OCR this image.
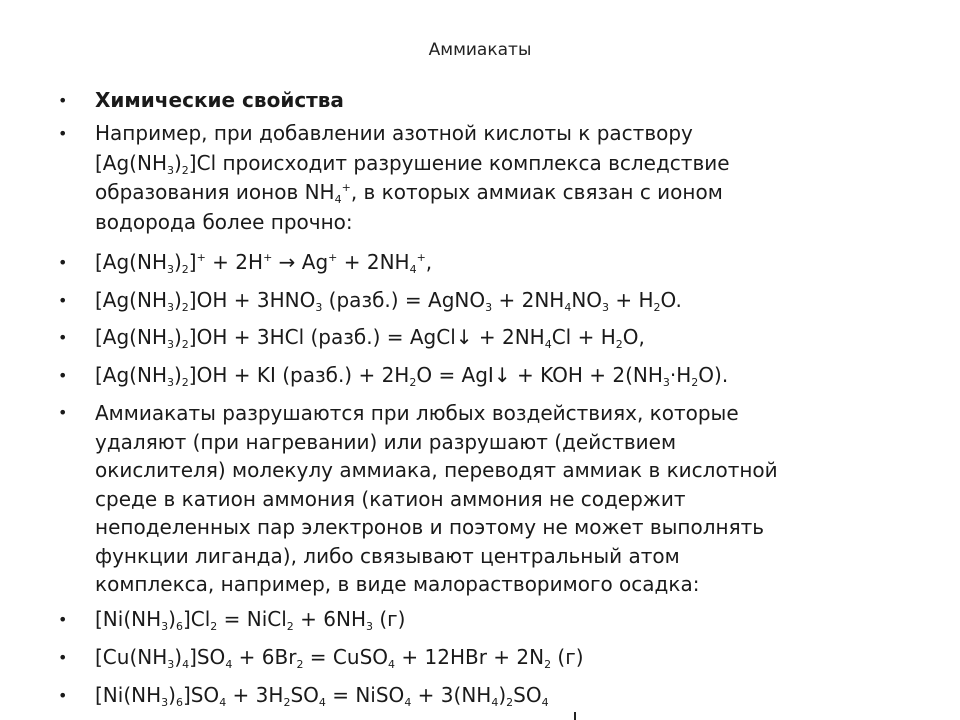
Аммиакаты
• Химические свойства
• Например, при добавлении азотной кислоты к раствору
$[Ag(NH_3)_2]Cl$ происходит разрушение комплекса вследствие
образования ионов $NH_4^+$, в которых аммиак связан с ионом
водорода более прочно:
• $[Ag(NH_3)_2]^+ + 2H^+ \to Ag^+ + 2NH_4^+$,
• $[Ag(NH_3)_2]OH + 3HNO_3$ (разб.) = AgNO$_3$ + $2NH_4NO_3 + H_2O$.
• $[Ag(NH_3)_2]OH + 3HCl$ (разб.) = AgCl↓ + $2NH_4Cl + H_2O$,
• $[Ag(NH_3)_2]OH$ + KI (разб.) + $2H_2O$ = AgI↓ + KOH + $2(NH_3\cdot H_2O)$.
• Аммиакаты разрушаются при любых воздействиях, которые
удаляют (при нагревании) или разрушают (действием
окислителя) молекулу аммиака, переводят аммиак в кислотной
среде в катион аммония (катион аммония не содержит
неподеленных пар электронов и поэтому не может выполнять
функции лиганда), либо связывают центральный атом
комплекса, например, в виде малорастворимого осадка:
• $[Ni(NH_3)_6]Cl_2$ = NiCl$_2$ + $6NH_3$ (г)
• $[Cu(NH_3)_4]SO_4 + 6Br_2$ = CuSO$_4$ + $12HBr + 2N_2$ (г)
• $[Ni(NH_3)_6]SO_4 + 3H_2SO_4$ = NiSO$_4$ + $3(NH_4)_2SO_4$
